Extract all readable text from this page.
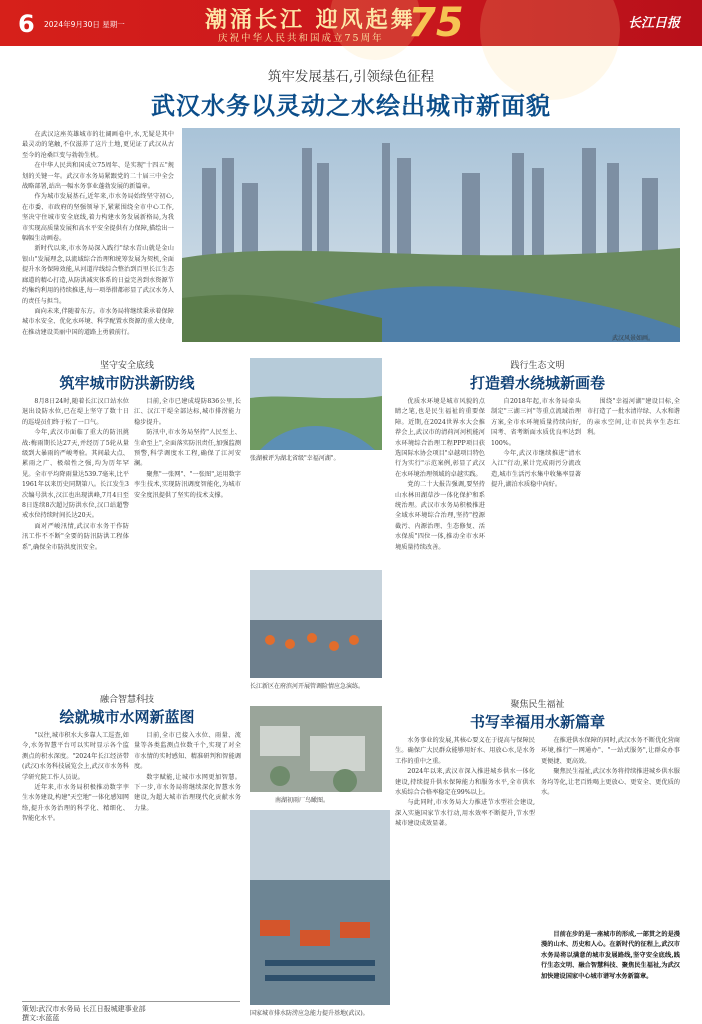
6 2024年9月30日 星期一	潮涌长江 迎风起舞
庆祝中华人民共和国成立75周年 75	长江日报
筑牢发展基石,引领绿色征程
武汉水务以灵动之水绘出城市新面貌

在武汉这座英雄城市的壮阔画卷中,水,无疑是其中最灵动的笔触,不仅滋养了这片土地,更见证了武汉从古至今的沧桑巨变与勃勃生机。

在中华人民共和国成立75周年、是实现"十四五"规划的关键一年。武汉市水务局紧跟党的二十届三中全会战略部署,站出一幅水务事业蓬勃发展的新篇章。

作为城市发展基石,近年来,市水务局始终坚守初心,在市委、市政府的坚强领导下,紧紧围绕全市中心工作,坚决守住城市安全底线,着力构建水务发展新格局,为我市实现高质量发展和高水平安全提供有力保障,描绘出一幅幅生动画卷。

新时代以来,市水务局深入践行"绿水青山就是金山银山"发展理念,以流域综合治理和统筹发展为契机,全面提升水务保障效能,从河道岸线综合整治到百里长江生态廊道的精心打造,从防洪减灾体系的日益完善到水资源节约集约利用的持续推进,每一项举措都彰显了武汉水务人的责任与担当。

面向未来,伴随着东方。市水务局将继续秉承着保障城市水安全、优化水环境、科学配置水资源的重大使命,在推动建设美丽中国的道路上勇毅前行。

武汉风景如画。
坚守安全底线
筑牢城市防洪新防线

8月8日24时,随着长江汉口站水位退出设防水位,已在堤上坚守了数十日的巡堤员们终于松了一口气。

今年,武汉市面临了重大的防汛挑战:梅雨期长达27天,并经历了5轮从量级到大暴雨的严峻考验。其间最大点、累雨之广、极端性之强,均为历年罕见。全市平均降雨量达539.7毫米,比平1961年以来历史同期第八。长江发生3次编号洪水,汉江也出现洪峰,7月4日至8日连续8次超过防洪水位,汉口站超警戒水位持续时间长达20天。

面对严峻汛情,武汉市水务干作防汛工作不不断"全要的防汛防洪工程体系",确保全市防洪度汛安全。

目前,全市已建成堤防836公里,长江、汉江干堤全部达标,城市排涝能力稳步提升。

防汛中,市水务局坚持"人民至上、生命至上",全面落实防汛责任,加强监测预警,科学调度水工程,确保了江河安澜。

聚焦"一张网"、"一张图",运用数字孪生技术,实现防汛调度智能化,为城市安全度汛提供了坚实的技术支撑。

张湖被评为湖北省级"幸福河湖"。
长江新区在府滨河开展管调险情应急演练。
践行生态文明
打造碧水绕城新画卷

优质水环境是城市风貌的点睛之笔,也是民生福祉的重要保障。近期,在2024世界水大会推荐会上,武汉市的清荷河河机能河水环境综合治理工程PPP项目获选国际水协会项目"卓越项目特色行为实行"示范案例,彰显了武汉在水环境治理领域的卓越实践。

党的二十大报告强调,要坚持山水林田湖草沙一体化保护和系统治理。武汉市水务局积极推进全域水环境综合治理,坚持"控源截污、内源治理、生态修复、活水保质"四位一体,推动全市水环境质量持续改善。

自2018年起,市水务局牵头制定"三湖三河"等重点流域治理方案,全市水环境质量持续向好,国考、省考断面水质优良率达到100%。

今年,武汉市继续推进"清水入江"行动,累计完成雨污分流改造,城市生活污水集中收集率显著提升,湖泊水质稳中向好。

围绕"幸福河湖"建设目标,全市打造了一批水清岸绿、人水和谐的亲水空间,让市民共享生态红利。

融合智慧科技
绘就城市水网新蓝图

"以往,城市积水大多靠人工巡查,如今,水务智慧平台可以实时显示各个监测点的积水深度。"2024年长江经济带(武汉)水务科技展览会上,武汉市水务科学研究院工作人员说。

近年来,市水务局积极推动数字孪生水务建设,构建"天空地"一体化感知网络,提升水务治理的科学化、精细化、智能化水平。

目前,全市已接入水位、雨量、流量等各类监测点位数千个,实现了对全市水情的实时感知、精准研判和智能调度。

数字赋能,让城市水网更加智慧。下一步,市水务局将继续深化智慧水务建设,为超大城市治理现代化贡献水务力量。

南湖初雨厂鸟瞰图。
国家城市排水防涝应急能力提升基地(武汉)。
聚焦民生福祉
书写幸福用水新篇章

水务事业的发展,其核心要义在于提高与保障民生。确保广大民群众能够用好水、用放心水,是水务工作的重中之重。

2024年以来,武汉市深入推进城乡供水一体化建设,持续提升供水保障能力和服务水平,全市供水水质综合合格率稳定在99%以上。

与此同时,市水务局大力推进节水型社会建设,深入实施国家节水行动,用水效率不断提升,节水型城市建设成效显著。

在推进供水保障的同时,武汉水务不断优化营商环境,推行"一网通办"、"一站式服务",让群众办事更便捷、更高效。

聚焦民生福祉,武汉水务将持续推进城乡供水服务均等化,让老百姓喝上更放心、更安全、更优质的水。

目前在步的是一座城市的形成,一部贯之的是漫漫的山水、历史和人心。在新时代的征程上,武汉市水务局将以满意的城市发展路线,坚守安全底线,践行生态文明、融合智慧科技、聚焦民生福祉,为武汉加快建设国家中心城市谱写水务新篇章。

策划:武汉市水务局 长江日报城建事业部
撰文:水蓝蓝
